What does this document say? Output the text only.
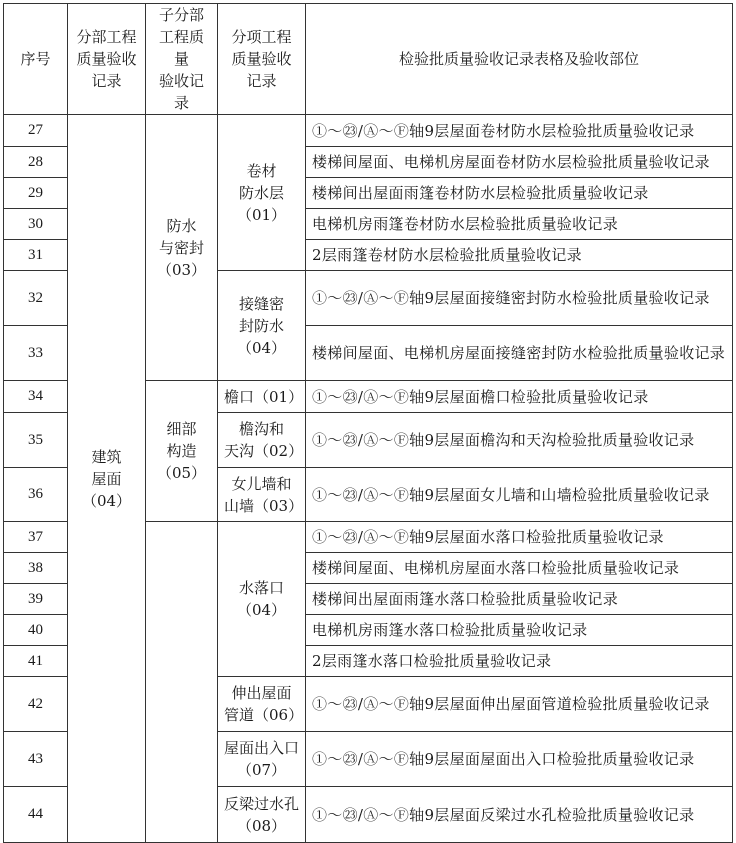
序号	分部工程
质量验收
记录	子分部
工程质量
验收记录	分项工程
质量验收
记录	检验批质量验收记录表格及验收部位
27	建筑
屋面
（04）	防水
与密封
（03）	卷材
防水层
（01）	①～㉓/Ⓐ～Ⓕ轴9层屋面卷材防水层检验批质量验收记录
28				楼梯间屋面、电梯机房屋面卷材防水层检验批质量验收记录
29				楼梯间出屋面雨篷卷材防水层检验批质量验收记录
30				电梯机房雨篷卷材防水层检验批质量验收记录
31				2层雨篷卷材防水层检验批质量验收记录
32			接缝密
封防水
（04）	①～㉓/Ⓐ～Ⓕ轴9层屋面接缝密封防水检验批质量验收记录
33				楼梯间屋面、电梯机房屋面接缝密封防水检验批质量验收记录
34		细部
构造
（05）	檐口（01）	①～㉓/Ⓐ～Ⓕ轴9层屋面檐口检验批质量验收记录
35			檐沟和
天沟（02）	①～㉓/Ⓐ～Ⓕ轴9层屋面檐沟和天沟检验批质量验收记录
36			女儿墙和
山墙（03）	①～㉓/Ⓐ～Ⓕ轴9层屋面女儿墙和山墙检验批质量验收记录
37			水落口
（04）	①～㉓/Ⓐ～Ⓕ轴9层屋面水落口检验批质量验收记录
38				楼梯间屋面、电梯机房屋面水落口检验批质量验收记录
39				楼梯间出屋面雨篷水落口检验批质量验收记录
40				电梯机房雨篷水落口检验批质量验收记录
41				2层雨篷水落口检验批质量验收记录
42			伸出屋面
管道（06）	①～㉓/Ⓐ～Ⓕ轴9层屋面伸出屋面管道检验批质量验收记录
43			屋面出入口
（07）	①～㉓/Ⓐ～Ⓕ轴9层屋面屋面出入口检验批质量验收记录
44			反梁过水孔
（08）	①～㉓/Ⓐ～Ⓕ轴9层屋面反梁过水孔检验批质量验收记录
